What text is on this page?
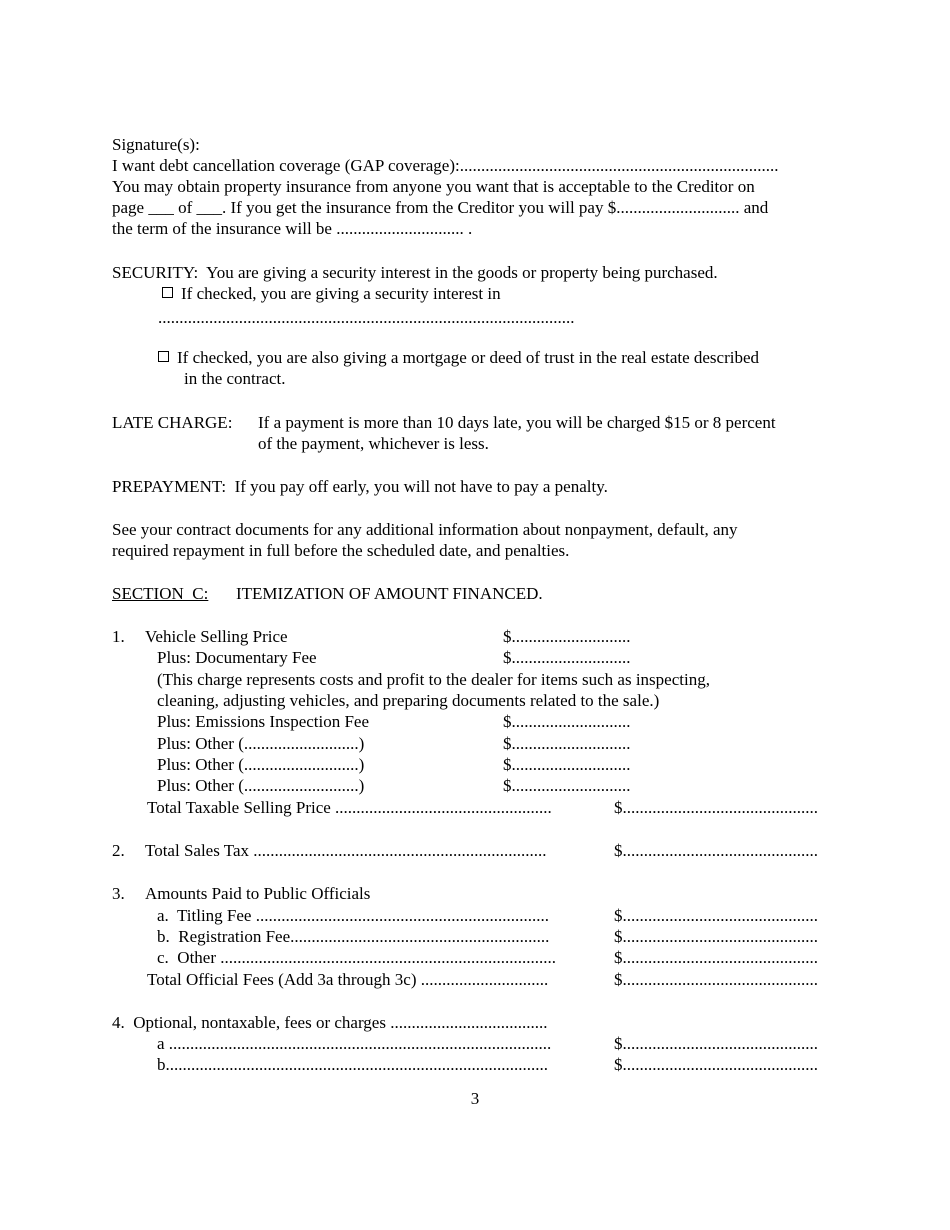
Signature(s):
I want debt cancellation coverage (GAP coverage):...........................................................................
You may obtain property insurance from anyone you want that is acceptable to the Creditor on
page ___ of ___. If you get the insurance from the Creditor you will pay $............................. and
the term of the insurance will be .............................. .
SECURITY:  You are giving a security interest in the goods or property being purchased.
If checked, you are giving a security interest in
..................................................................................................
If checked, you are also giving a mortgage or deed of trust in the real estate described
in the contract.
LATE CHARGE: If a payment is more than 10 days late, you will be charged $15 or 8 percent
of the payment, whichever is less.
PREPAYMENT:  If you pay off early, you will not have to pay a penalty.
See your contract documents for any additional information about nonpayment, default, any
required repayment in full before the scheduled date, and penalties.
SECTION  C: ITEMIZATION OF AMOUNT FINANCED.
1. Vehicle Selling Price	$............................
Plus: Documentary Fee	$............................
(This charge represents costs and profit to the dealer for items such as inspecting,
cleaning, adjusting vehicles, and preparing documents related to the sale.)
Plus: Emissions Inspection Fee	$............................
Plus: Other (...........................)	$............................
Plus: Other (...........................)	$............................
Plus: Other (...........................)	$............................
Total Taxable Selling Price ...................................................	$..............................................
2. Total Sales Tax .....................................................................	$..............................................
3. Amounts Paid to Public Officials
a.  Titling Fee .....................................................................	$..............................................
b.  Registration Fee.............................................................	$..............................................
c.  Other ...............................................................................	$..............................................
Total Official Fees (Add 3a through 3c) ..............................	$..............................................
4.  Optional, nontaxable, fees or charges .....................................
a ..........................................................................................	$..............................................
b..........................................................................................	$..............................................
3
